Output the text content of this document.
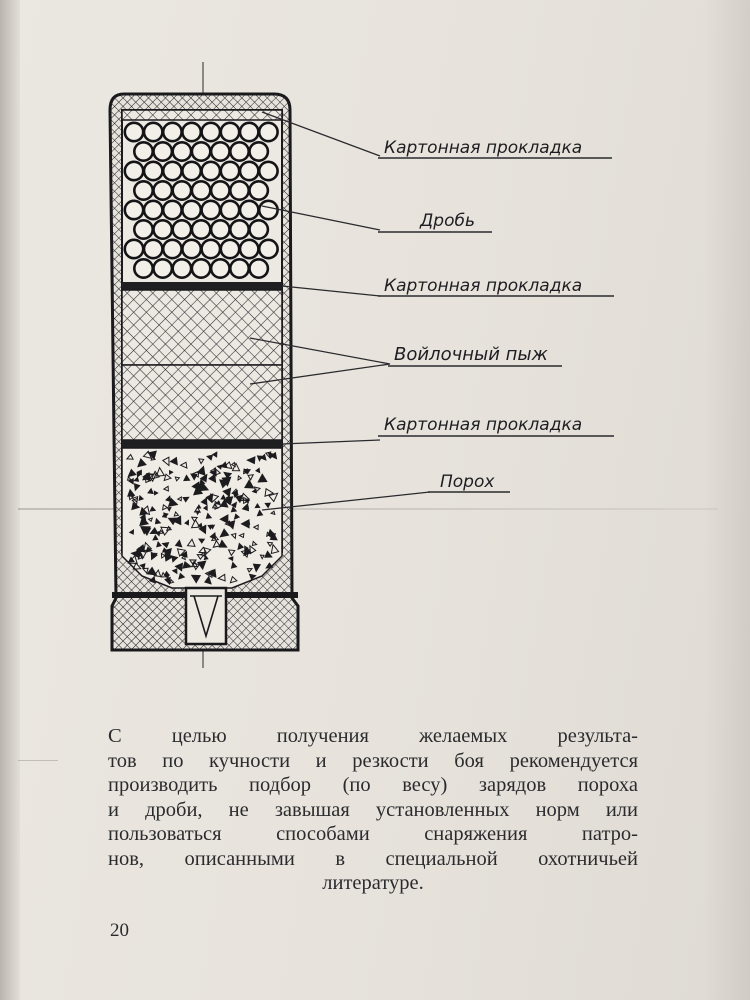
Картонная прокладка
Дробь
Картонная прокладка
Войлочный пыж
Картонная прокладка
Порох

С целью получения желаемых результа-
тов по кучности и резкости боя рекомендуется
производить подбор (по весу) зарядов пороха
и дроби, не завышая установленных норм или
пользоваться способами снаряжения патро-
нов, описанными в специальной охотничьей
литературе.

20
